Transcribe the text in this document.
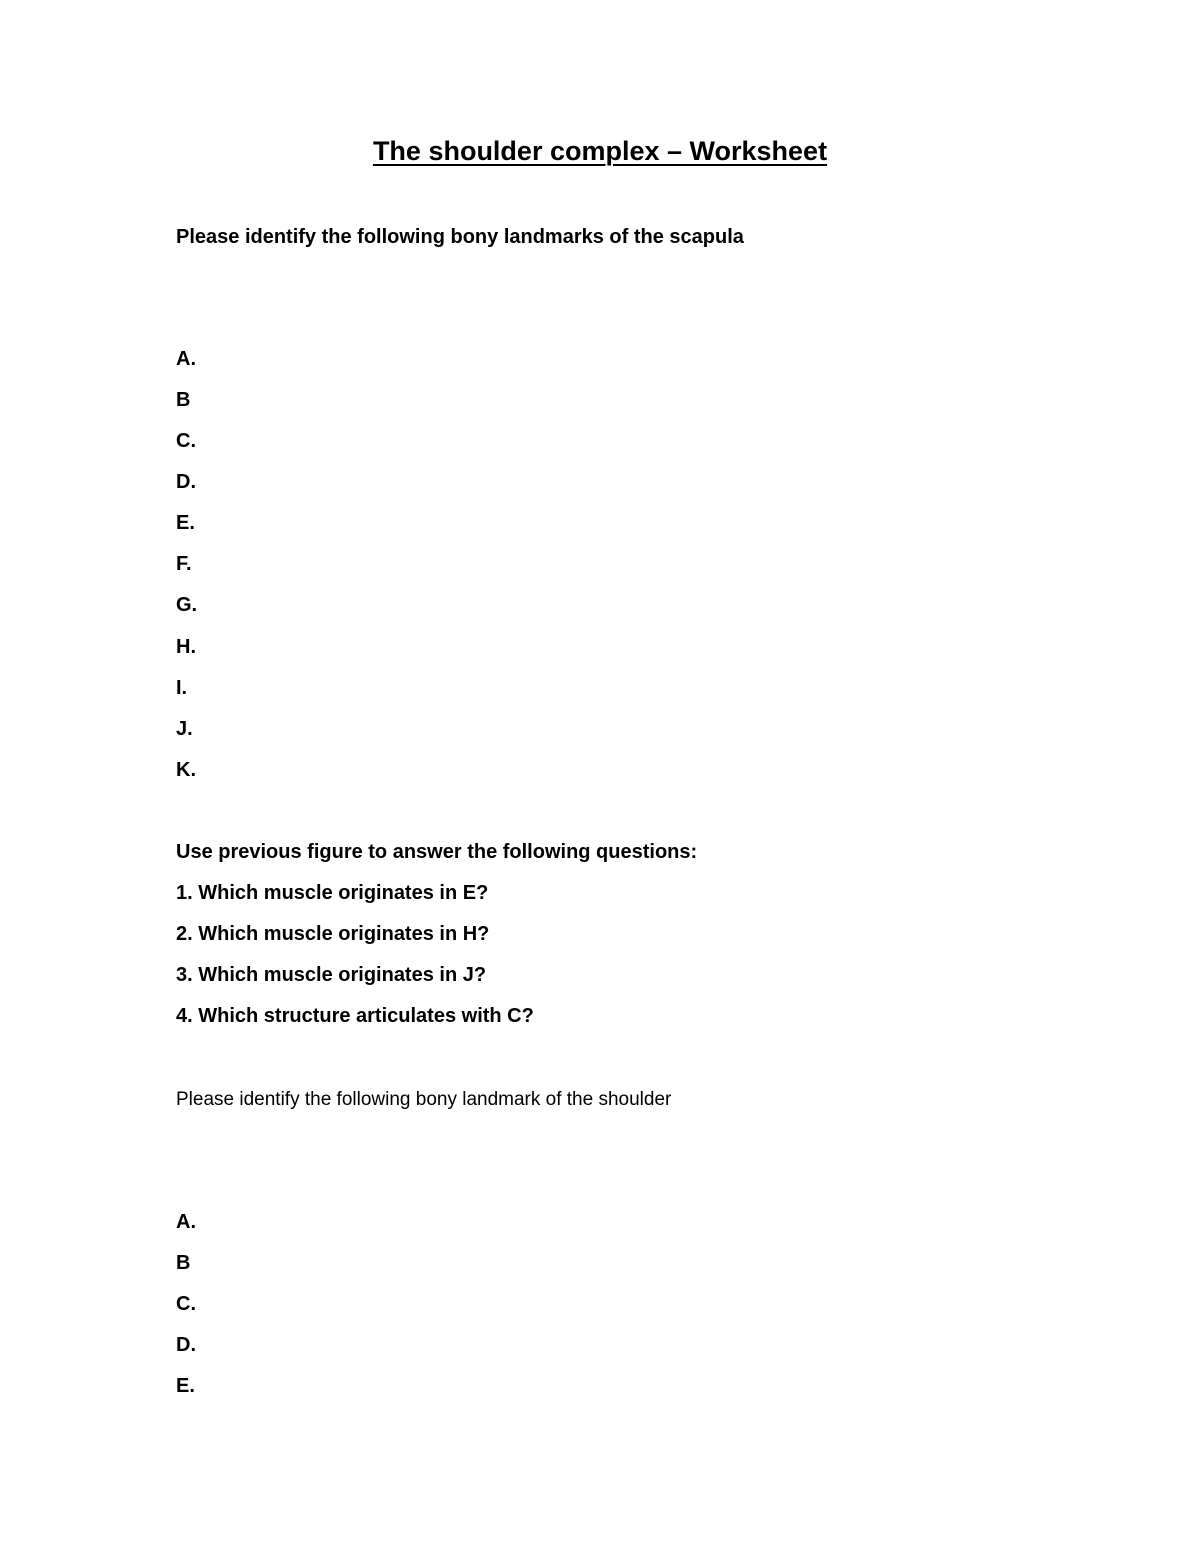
The shoulder complex – Worksheet
Please identify the following bony landmarks of the scapula
A.
B
C.
D.
E.
F.
G.
H.
I.
J.
K.
Use previous figure to answer the following questions:
1. Which muscle originates in E?
2. Which muscle originates in H?
3. Which muscle originates in J?
4. Which structure articulates with C?
Please identify the following bony landmark of the shoulder
A.
B
C.
D.
E.
